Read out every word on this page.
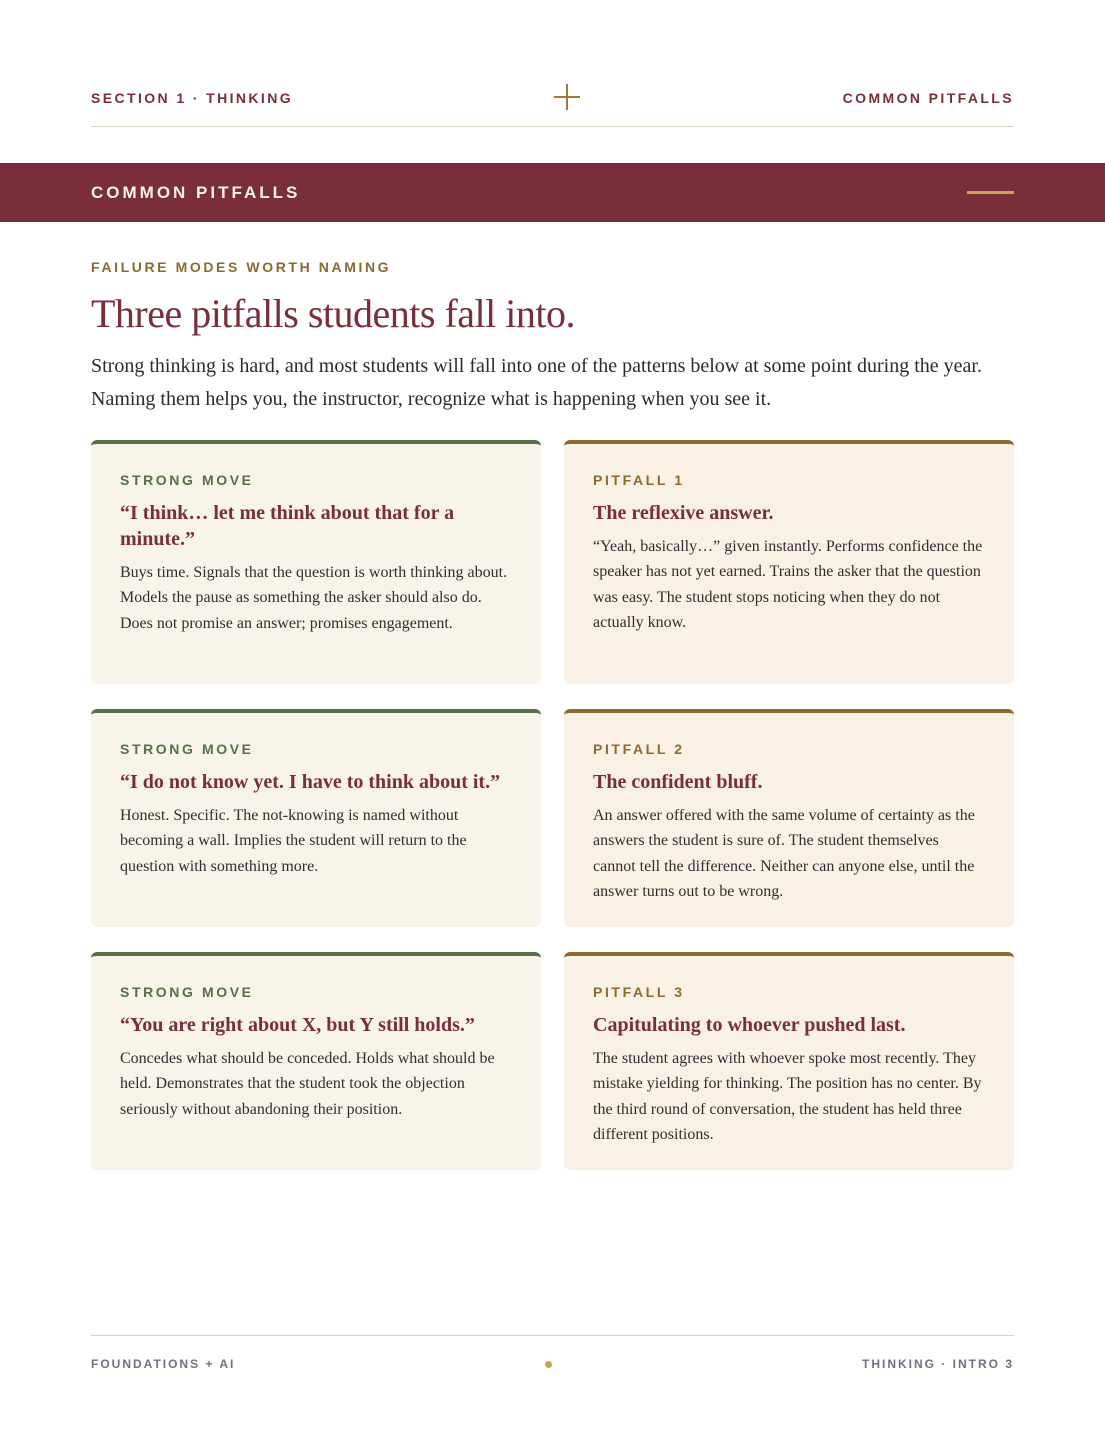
SECTION 1 · THINKING	COMMON PITFALLS
COMMON PITFALLS
FAILURE MODES WORTH NAMING
Three pitfalls students fall into.

Strong thinking is hard, and most students will fall into one of the patterns below at some point during the year. Naming them helps you, the instructor, recognize what is happening when you see it.

STRONG MOVE

“I think… let me think about that for a minute.”

Buys time. Signals that the question is worth thinking about. Models the pause as something the asker should also do. Does not promise an answer; promises engagement.

PITFALL 1

The reflexive answer.

“Yeah, basically…” given instantly. Performs confidence the speaker has not yet earned. Trains the asker that the question was easy. The student stops noticing when they do not actually know.

STRONG MOVE

“I do not know yet. I have to think about it.”

Honest. Specific. The not-knowing is named without becoming a wall. Implies the student will return to the question with something more.

PITFALL 2

The confident bluff.

An answer offered with the same volume of certainty as the answers the student is sure of. The student themselves cannot tell the difference. Neither can anyone else, until the answer turns out to be wrong.

STRONG MOVE

“You are right about X, but Y still holds.”

Concedes what should be conceded. Holds what should be held. Demonstrates that the student took the objection seriously without abandoning their position.

PITFALL 3

Capitulating to whoever pushed last.

The student agrees with whoever spoke most recently. They mistake yielding for thinking. The position has no center. By the third round of conversation, the student has held three different positions.

FOUNDATIONS + AI	THINKING · INTRO 3
